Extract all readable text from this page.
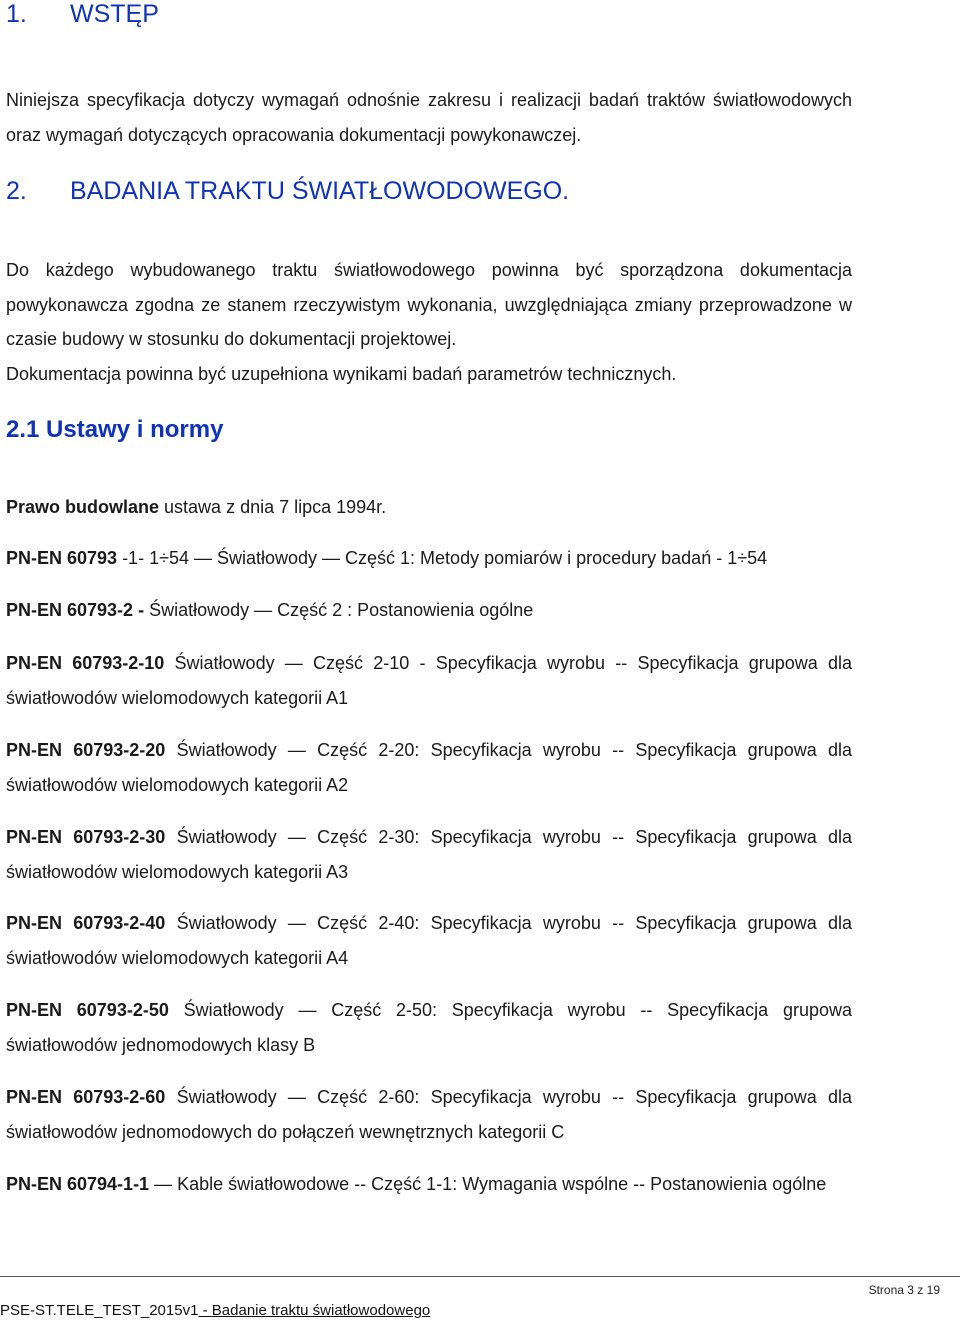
1. WSTĘP

Niniejsza specyfikacja dotyczy wymagań odnośnie zakresu i realizacji badań traktów światłowodowych oraz wymagań dotyczących opracowania dokumentacji powykonawczej.

2. BADANIA TRAKTU ŚWIATŁOWODOWEGO.

Do każdego wybudowanego traktu światłowodowego powinna być sporządzona dokumentacja powykonawcza zgodna ze stanem rzeczywistym wykonania, uwzględniająca zmiany przeprowadzone w czasie budowy w stosunku do dokumentacji projektowej.

Dokumentacja powinna być uzupełniona wynikami badań parametrów technicznych.
2.1 Ustawy i normy
Prawo budowlane ustawa z dnia 7 lipca 1994r.

PN-EN 60793 -1- 1÷54 — Światłowody — Część 1: Metody pomiarów i procedury badań - 1÷54

PN-EN 60793-2 - Światłowody — Część 2 : Postanowienia ogólne

PN-EN 60793-2-10 Światłowody — Część 2-10 - Specyfikacja wyrobu -- Specyfikacja grupowa dla światłowodów wielomodowych kategorii A1

PN-EN 60793-2-20 Światłowody — Część 2-20: Specyfikacja wyrobu -- Specyfikacja grupowa dla światłowodów wielomodowych kategorii A2

PN-EN 60793-2-30 Światłowody — Część 2-30: Specyfikacja wyrobu -- Specyfikacja grupowa dla światłowodów wielomodowych kategorii A3

PN-EN 60793-2-40 Światłowody — Część 2-40: Specyfikacja wyrobu -- Specyfikacja grupowa dla światłowodów wielomodowych kategorii A4

PN-EN 60793-2-50 Światłowody — Część 2-50: Specyfikacja wyrobu -- Specyfikacja grupowa światłowodów jednomodowych klasy B

PN-EN 60793-2-60 Światłowody — Część 2-60: Specyfikacja wyrobu -- Specyfikacja grupowa dla światłowodów jednomodowych do połączeń wewnętrznych kategorii C

PN-EN 60794-1-1 — Kable światłowodowe -- Część 1-1: Wymagania wspólne -- Postanowienia ogólne

Strona 3 z 19
PSE-ST.TELE_TEST_2015v1 - Badanie traktu światłowodowego
